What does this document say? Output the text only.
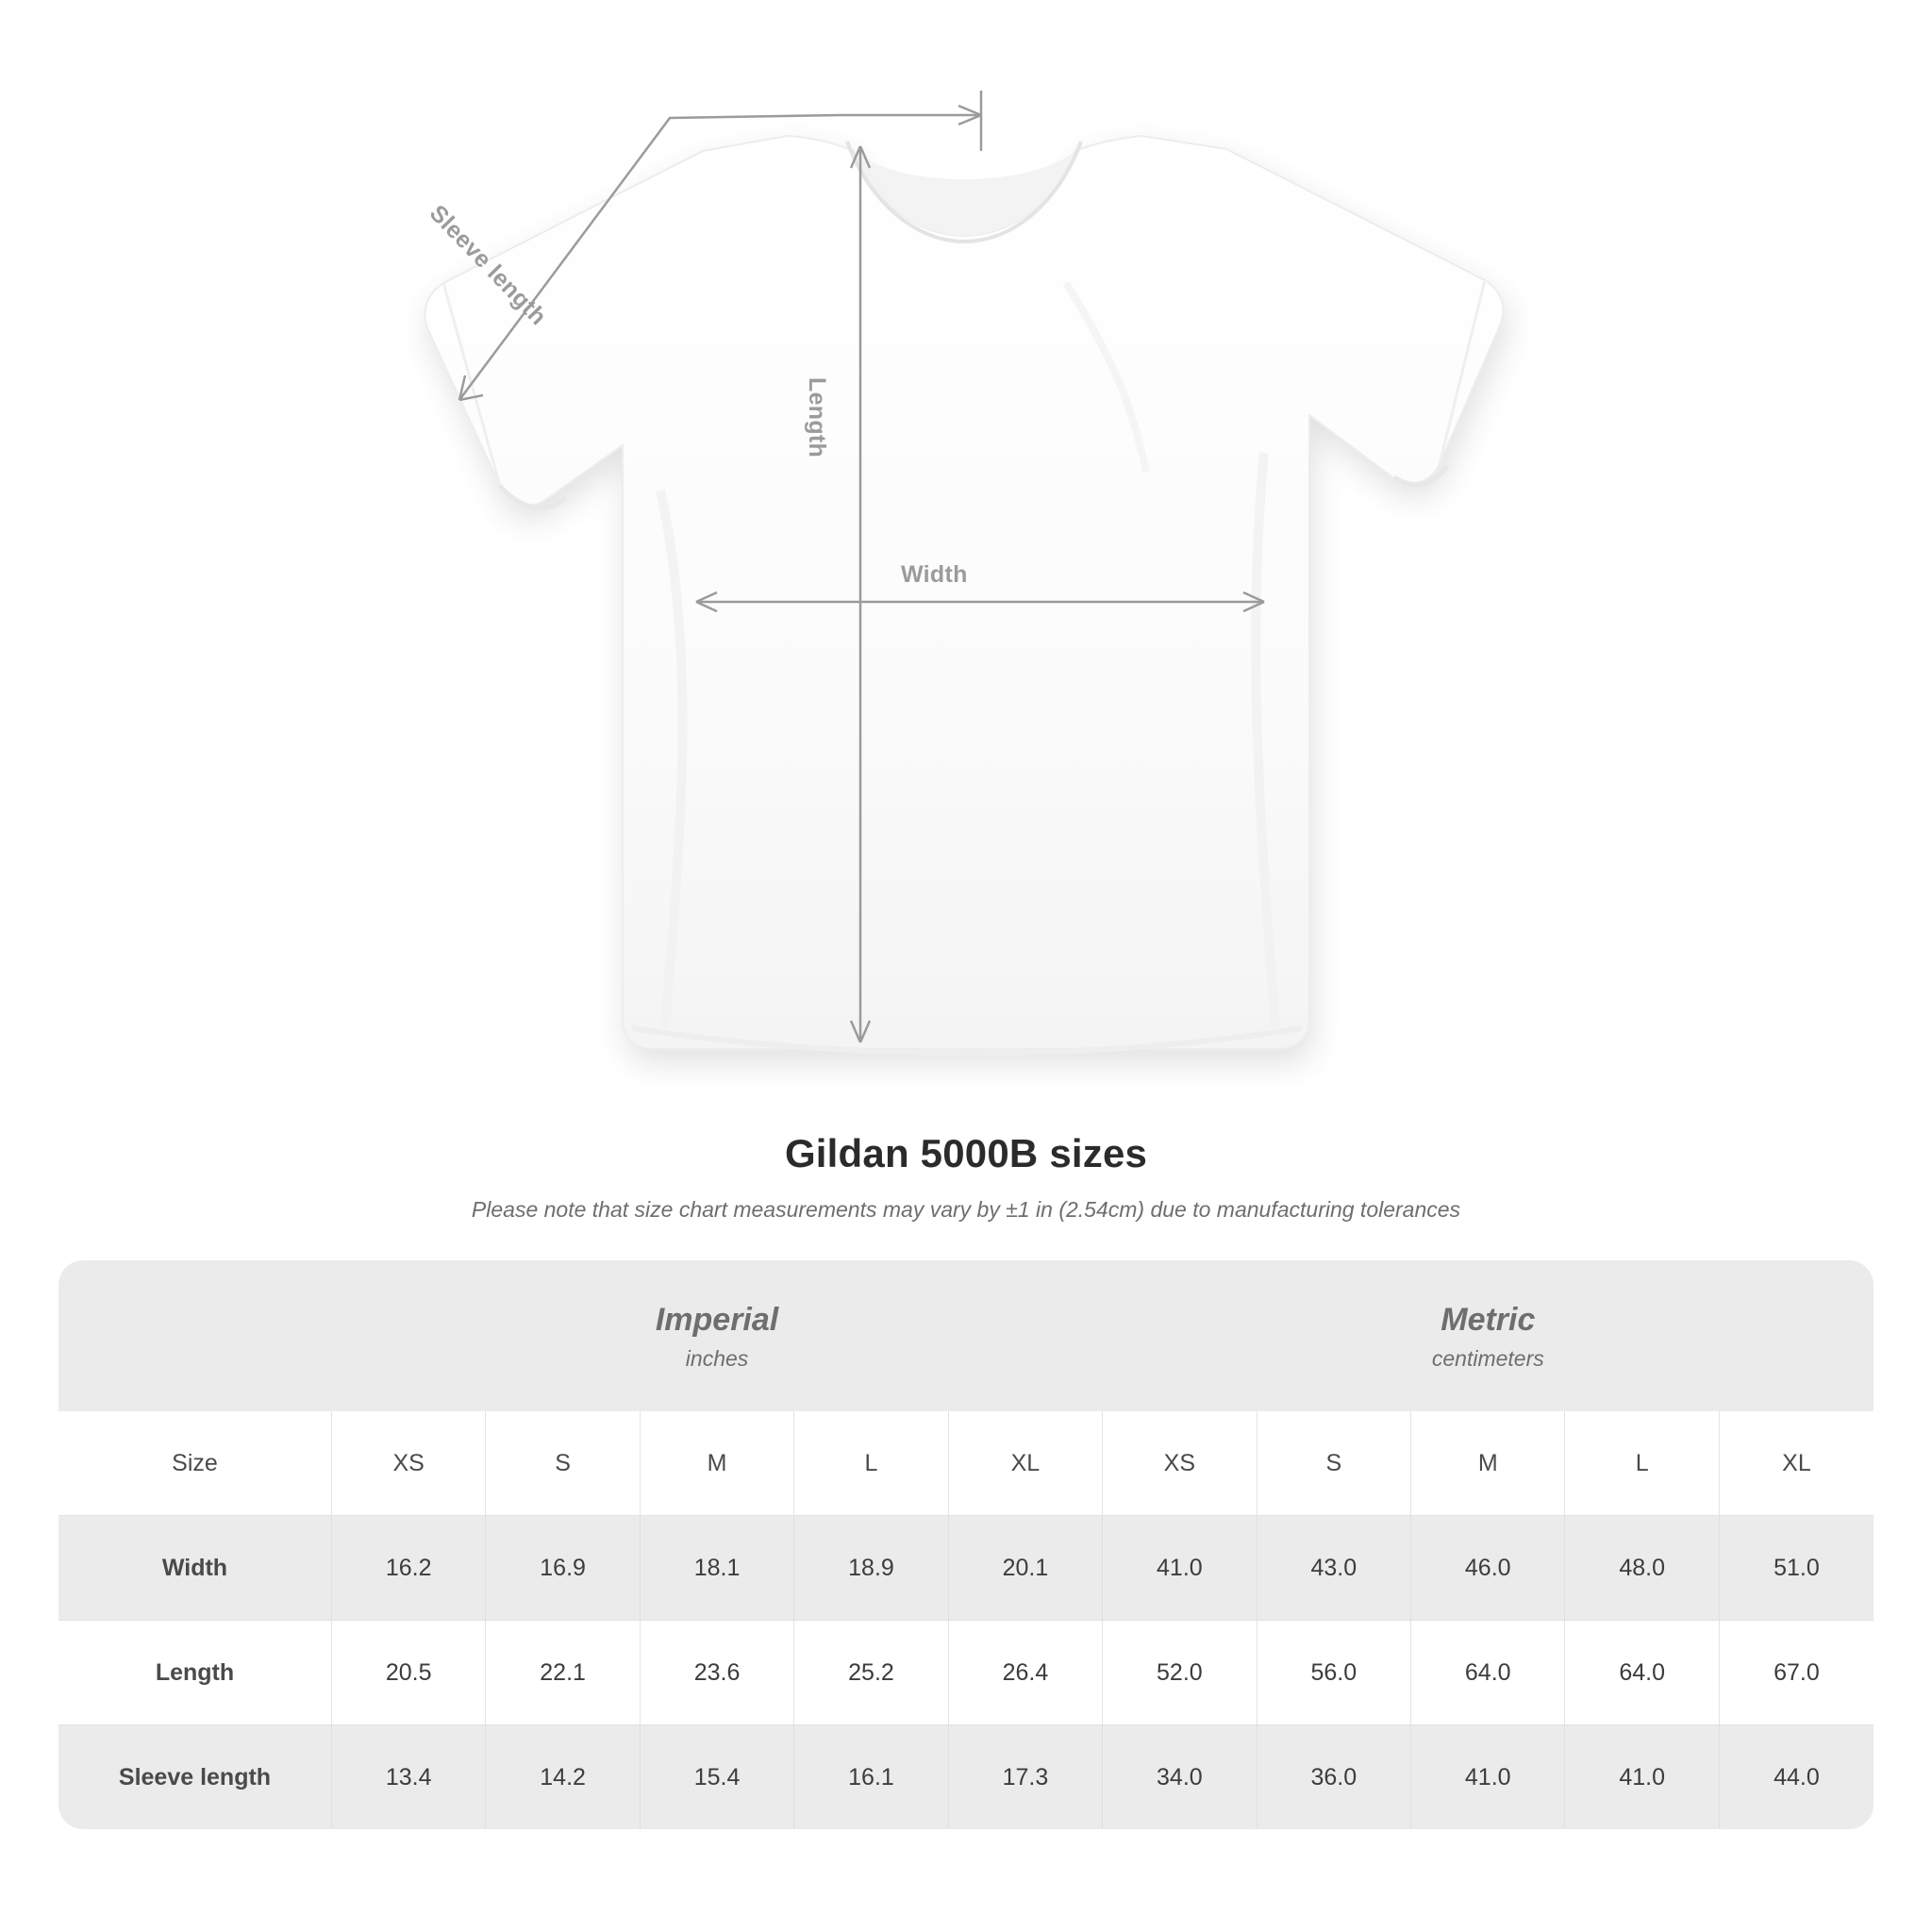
Width
Length
Sleeve length
Gildan 5000B sizes
Please note that size chart measurements may vary by ±1 in (2.54cm) due to manufacturing tolerances

Imperial
inches

Metric
centimeters

Size	XS	S	M	L	XL	XS	S	M	L	XL
Width	16.2	16.9	18.1	18.9	20.1	41.0	43.0	46.0	48.0	51.0
Length	20.5	22.1	23.6	25.2	26.4	52.0	56.0	64.0	64.0	67.0
Sleeve length	13.4	14.2	15.4	16.1	17.3	34.0	36.0	41.0	41.0	44.0
